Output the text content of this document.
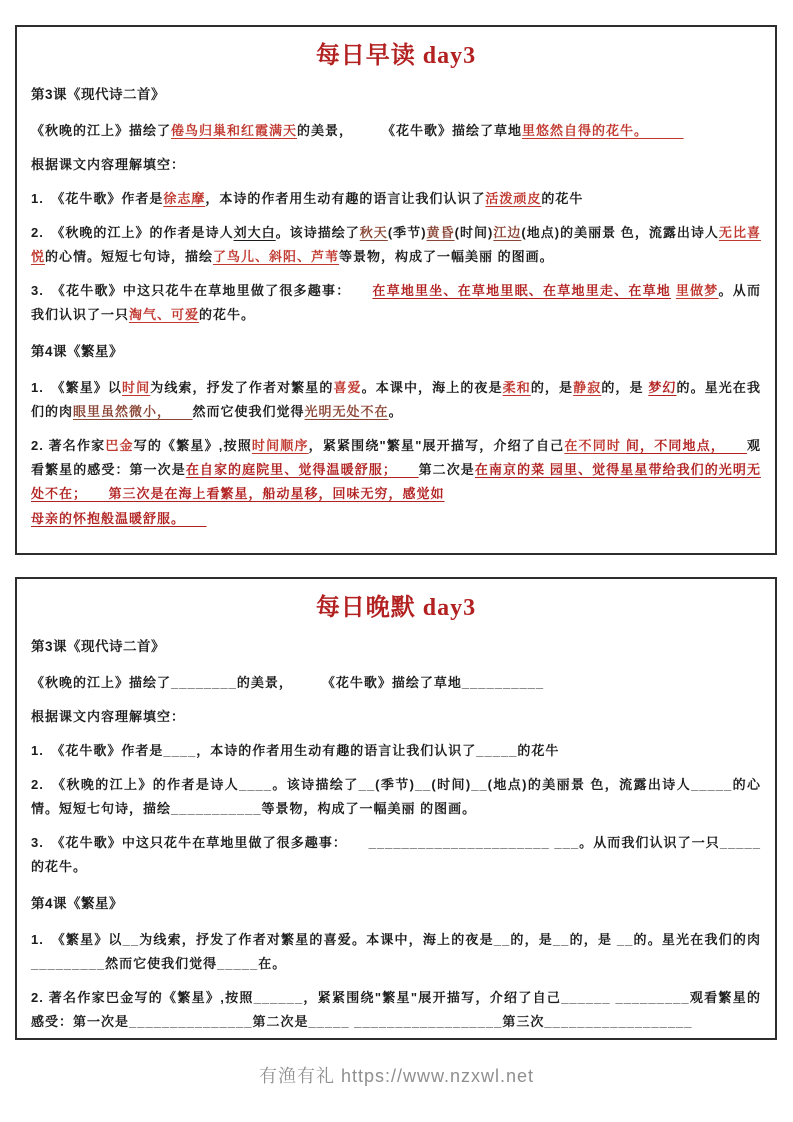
每日早读 day3

第3课《现代诗二首》

《秋晚的江上》描绘了倦鸟归巢和红霞满天的美景，　　　《花牛歌》描绘了草地里悠然自得的花牛。　　　

根据课文内容理解填空：

1.　《花牛歌》作者是徐志摩，本诗的作者用生动有趣的语言让我们认识了活泼顽皮的花牛

2.　《秋晚的江上》的作者是诗人刘大白。该诗描绘了秋天(季节)黄昏(时间)江边(地点)的美丽景 色，流露出诗人无比喜悦的心情。短短七句诗，描绘了鸟儿、斜阳、芦苇等景物，构成了一幅美丽 的图画。

3.　《花牛歌》中这只花牛在草地里做了很多趣事：　　在草地里坐、在草地里眠、在草地里走、在草地 里做梦。从而我们认识了一只淘气、可爱的花牛。

第4课《繁星》

1.　《繁星》以时间为线索，抒发了作者对繁星的喜爱。本课中，海上的夜是柔和的，是静寂的，是 梦幻的。星光在我们的肉眼里虽然微小，　　然而它使我们觉得光明无处不在。

2. 著名作家巴金写的《繁星》,按照时间顺序，紧紧围绕"繁星"展开描写，介绍了自己在不同时 间，不同地点，　　观看繁星的感受：第一次是在自家的庭院里、觉得温暖舒服；　　第二次是在南京的菜 园里、觉得星星带给我们的光明无处不在；　　第三次是在海上看繁星，船动星移，回味无穷，感觉如
母亲的怀抱般温暖舒服。　　

每日晚默 day3

第3课《现代诗二首》

《秋晚的江上》描绘了________的美景，　　　《花牛歌》描绘了草地__________

根据课文内容理解填空：

1.　《花牛歌》作者是____，本诗的作者用生动有趣的语言让我们认识了_____的花牛

2.　《秋晚的江上》的作者是诗人____。该诗描绘了__(季节)__(时间)__(地点)的美丽景 色，流露出诗人_____的心情。短短七句诗，描绘___________等景物，构成了一幅美丽 的图画。

3.　《花牛歌》中这只花牛在草地里做了很多趣事：　　______________________ ___。从而我们认识了一只_____的花牛。

第4课《繁星》

1.　《繁星》以__为线索，抒发了作者对繁星的喜爱。本课中，海上的夜是__的，是__的，是 __的。星光在我们的肉_________然而它使我们觉得_____在。

2. 著名作家巴金写的《繁星》,按照______，紧紧围绕"繁星"展开描写，介绍了自己______ _________观看繁星的感受：第一次是_______________第二次是_____ __________________第三次__________________

有渔有礼 https://www.nzxwl.net
